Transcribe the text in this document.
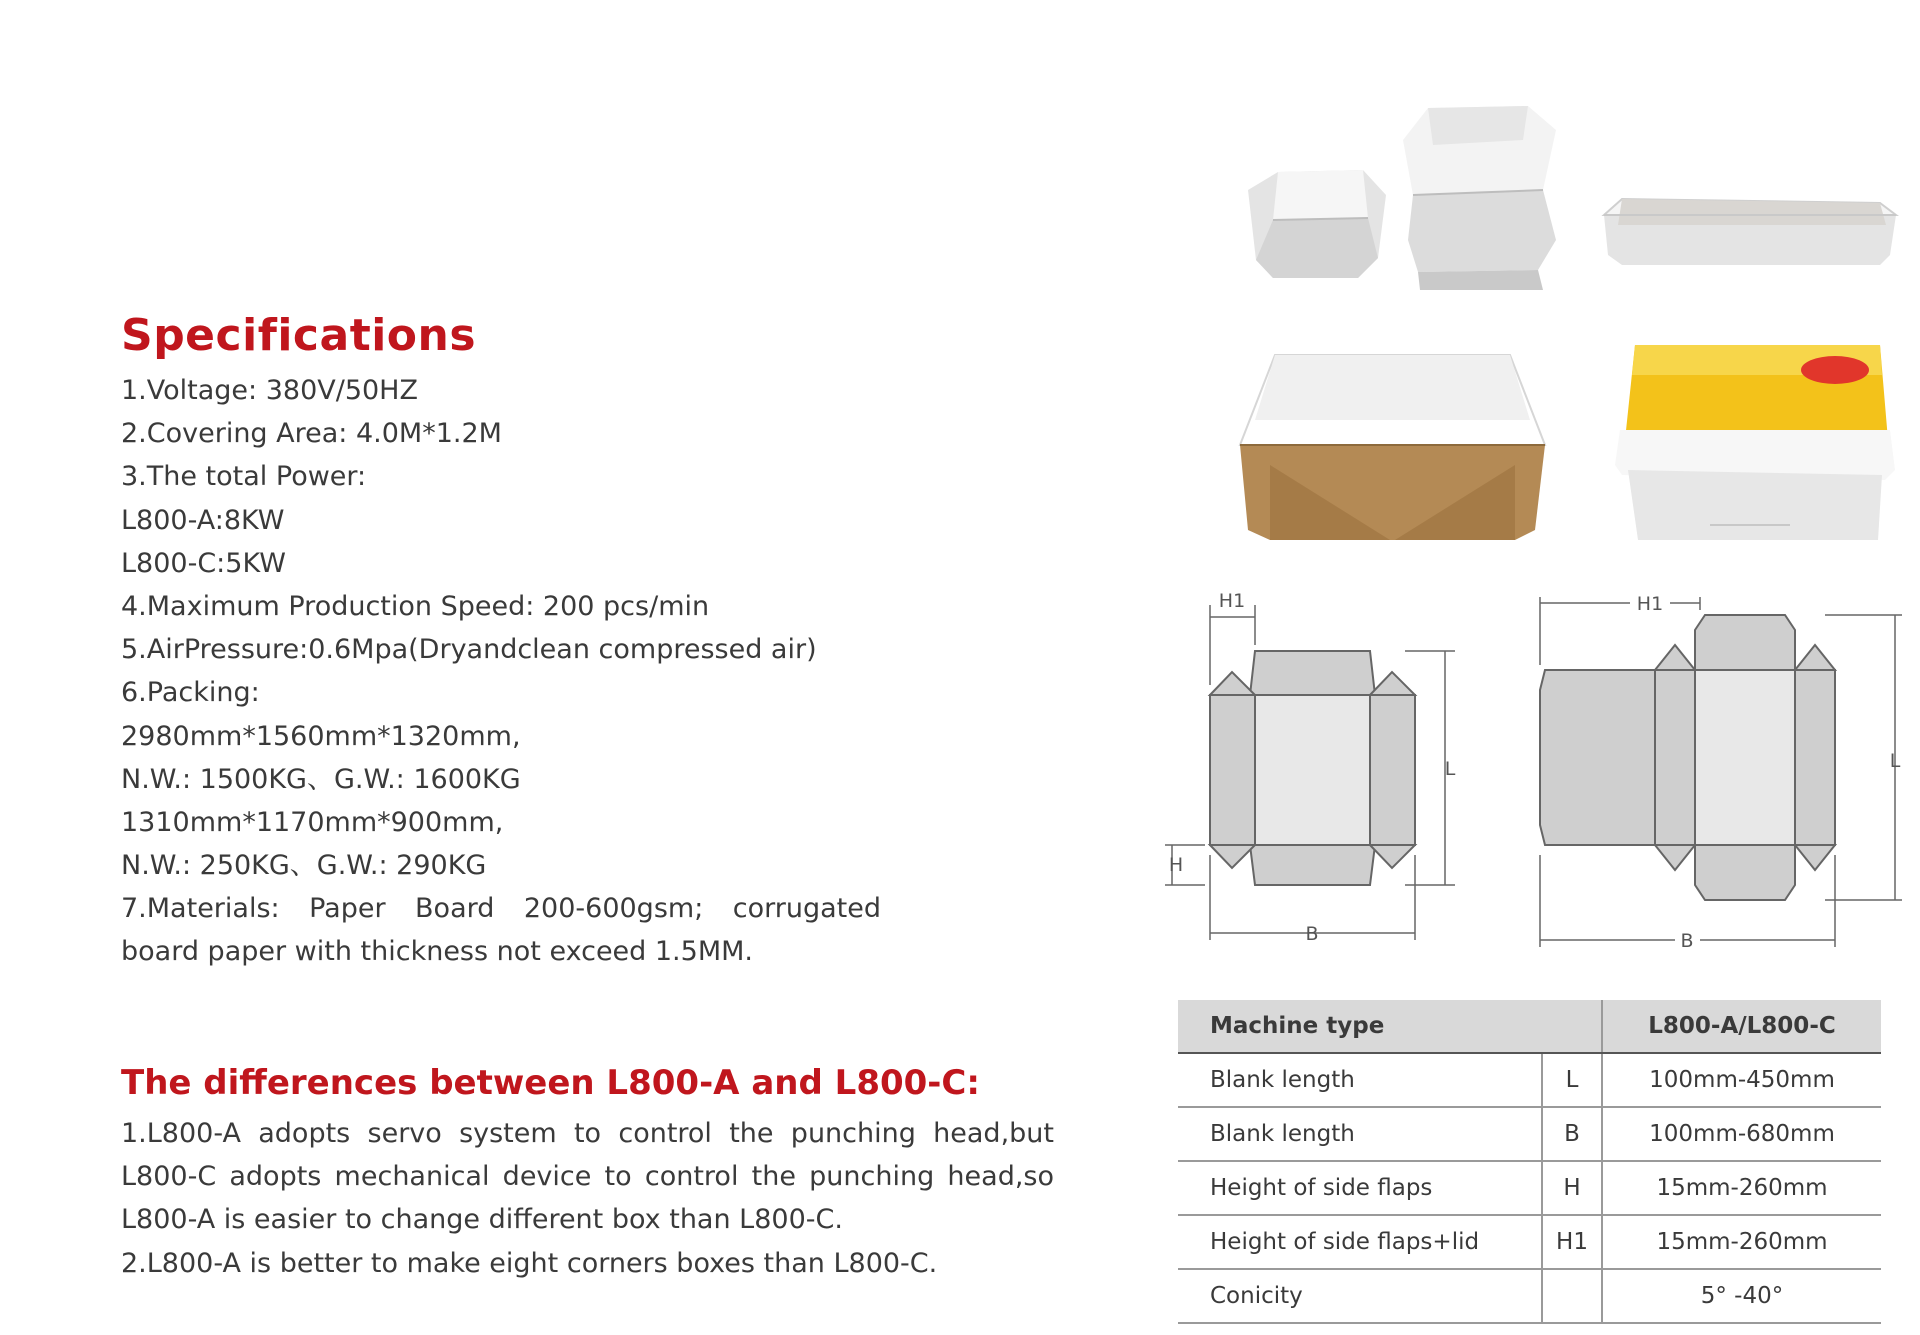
Specifications
1.Voltage: 380V/50HZ
2.Covering Area: 4.0M*1.2M
3.The total Power:
L800-A:8KW
L800-C:5KW
4.Maximum Production Speed: 200 pcs/min
5.AirPressure:0.6Mpa(Dryandclean compressed air)
6.Packing:
2980mm*1560mm*1320mm,
N.W.: 1500KG、G.W.: 1600KG
1310mm*1170mm*900mm,
N.W.: 250KG、G.W.: 290KG
7.Materials: Paper Board 200-600gsm; corrugated
board paper with thickness not exceed 1.5MM.
The differences between L800-A and L800-C:
1.L800-A adopts servo system to control the punching head,but
L800-C adopts mechanical device to control the punching head,so
L800-A is easier to change different box than L800-C.
2.L800-A is better to make eight corners boxes than L800-C.
H1
L
H
B
H1
L
B
Machine type		L800-A/L800-C
Blank length	L	100mm-450mm
Blank length	B	100mm-680mm
Height of side flaps	H	15mm-260mm
Height of side flaps+lid	H1	15mm-260mm
Conicity		5° -40°
